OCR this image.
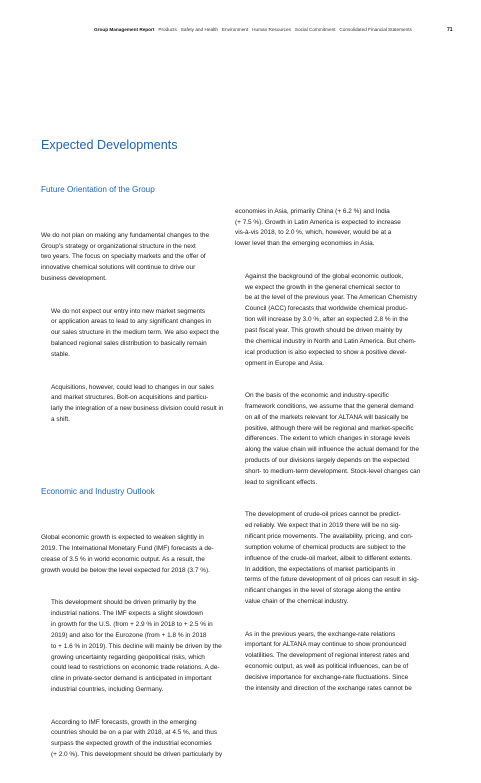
Group Management Report Products Safety and Health Environment Human Resources Social Commitment Consolidated Financial Statements	71
Expected Developments
Future Orientation of the Group

We do not plan on making any fundamental changes to the
Group’s strategy or organizational structure in the next
two years. The focus on specialty markets and the offer of
innovative chemical solutions will continue to drive our
business development.

We do not expect our entry into new market segments
or application areas to lead to any significant changes in
our sales structure in the medium term. We also expect the
balanced regional sales distribution to basically remain
stable.

Acquisitions, however, could lead to changes in our sales
and market structures. Bolt-on acquisitions and particu-
larly the integration of a new business division could result in
a shift.

Economic and Industry Outlook

Global economic growth is expected to weaken slightly in
2019. The International Monetary Fund (IMF) forecasts a de-
crease of 3.5 % in world economic output. As a result, the
growth would be below the level expected for 2018 (3.7 %).

This development should be driven primarily by the
industrial nations. The IMF expects a slight slowdown
in growth for the U.S. (from + 2.9 % in 2018 to + 2.5 % in
2019) and also for the Eurozone (from + 1.8 % in 2018
to + 1.6 % in 2019). This decline will mainly be driven by the
growing uncertainty regarding geopolitical risks, which
could lead to restrictions on economic trade relations. A de-
cline in private-sector demand is anticipated in important
industrial countries, including Germany.

According to IMF forecasts, growth in the emerging
countries should be on a par with 2018, at 4.5 %, and thus
surpass the expected growth of the industrial economies
(+ 2.0 %). This development should be driven particularly by

economies in Asia, primarily China (+ 6.2 %) and India
(+ 7.5 %). Growth in Latin America is expected to increase
vis-à-vis 2018, to 2.0 %, which, however, would be at a
lower level than the emerging economies in Asia.

Against the background of the global economic outlook,
we expect the growth in the general chemical sector to
be at the level of the previous year. The American Chemistry
Council (ACC) forecasts that worldwide chemical produc-
tion will increase by 3.0 %, after an expected 2.8 % in the
past fiscal year. This growth should be driven mainly by
the chemical industry in North and Latin America. But chem-
ical production is also expected to show a positive devel-
opment in Europe and Asia.

On the basis of the economic and industry-specific
framework conditions, we assume that the general demand
on all of the markets relevant for ALTANA will basically be
positive, although there will be regional and market-specific
differences. The extent to which changes in storage levels
along the value chain will influence the actual demand for the
products of our divisions largely depends on the expected
short- to medium-term development. Stock-level changes can
lead to significant effects.

The development of crude-oil prices cannot be predict-
ed reliably. We expect that in 2019 there will be no sig-
nificant price movements. The availability, pricing, and con-
sumption volume of chemical products are subject to the
influence of the crude-oil market, albeit to different extents.
In addition, the expectations of market participants in
terms of the future development of oil prices can result in sig-
nificant changes in the level of storage along the entire
value chain of the chemical industry.

As in the previous years, the exchange-rate relations
important for ALTANA may continue to show pronounced
volatilities. The development of regional interest rates and
economic output, as well as political influences, can be of
decisive importance for exchange-rate fluctuations. Since
the intensity and direction of the exchange rates cannot be
